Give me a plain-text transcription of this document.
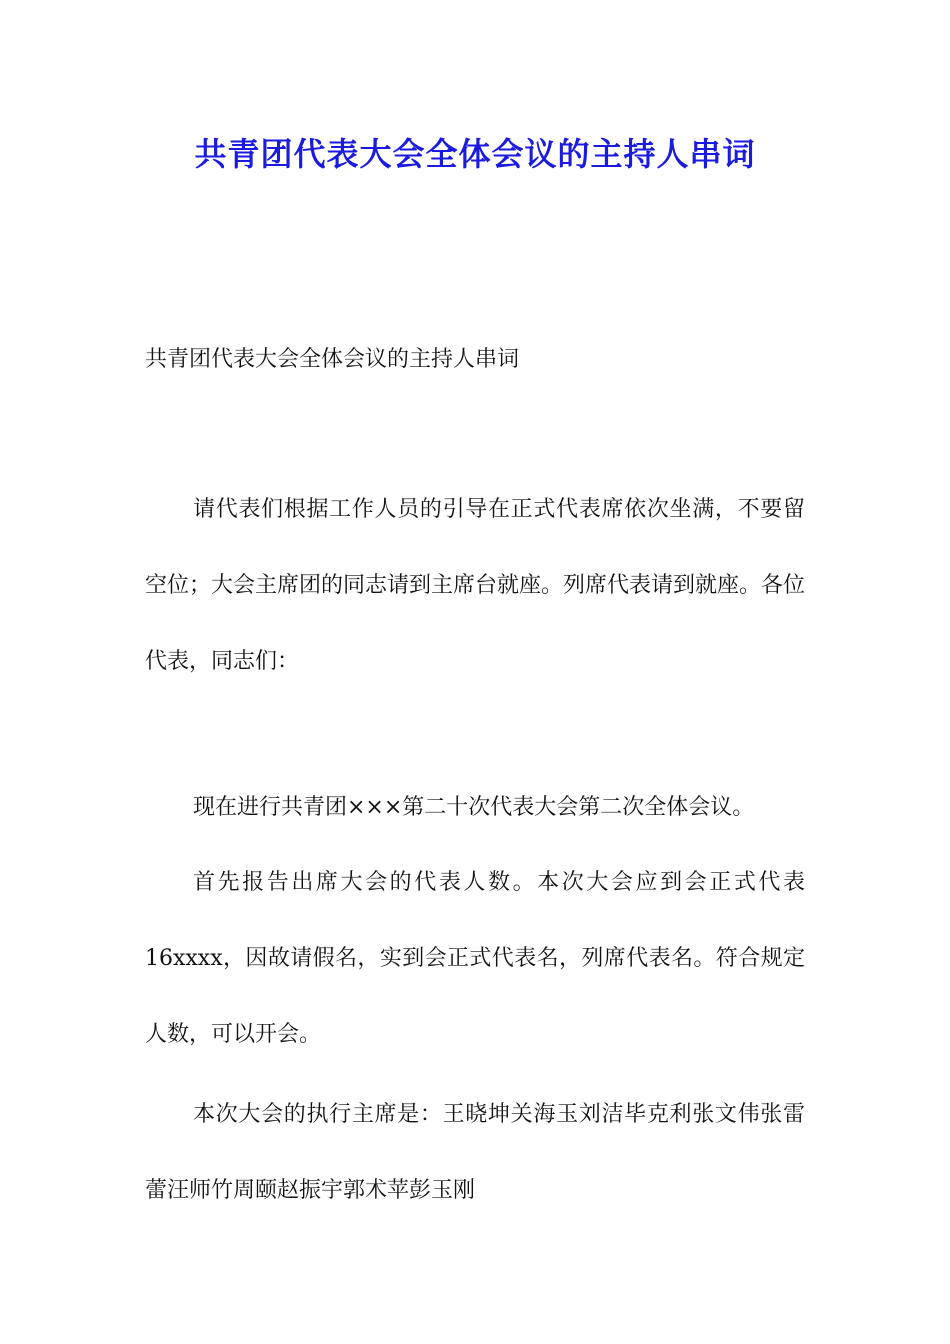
共青团代表大会全体会议的主持人串词

共青团代表大会全体会议的主持人串词

请代表们根据工作人员的引导在正式代表席依次坐满，不要留空位；大会主席团的同志请到主席台就座。列席代表请到就座。各位代表，同志们：

现在进行共青团×××第二十次代表大会第二次全体会议。

首先报告出席大会的代表人数。本次大会应到会正式代表16xxxx，因故请假名，实到会正式代表名，列席代表名。符合规定人数，可以开会。

本次大会的执行主席是：王晓坤关海玉刘洁毕克利张文伟张雷蕾汪师竹周颐赵振宇郭术苹彭玉刚
